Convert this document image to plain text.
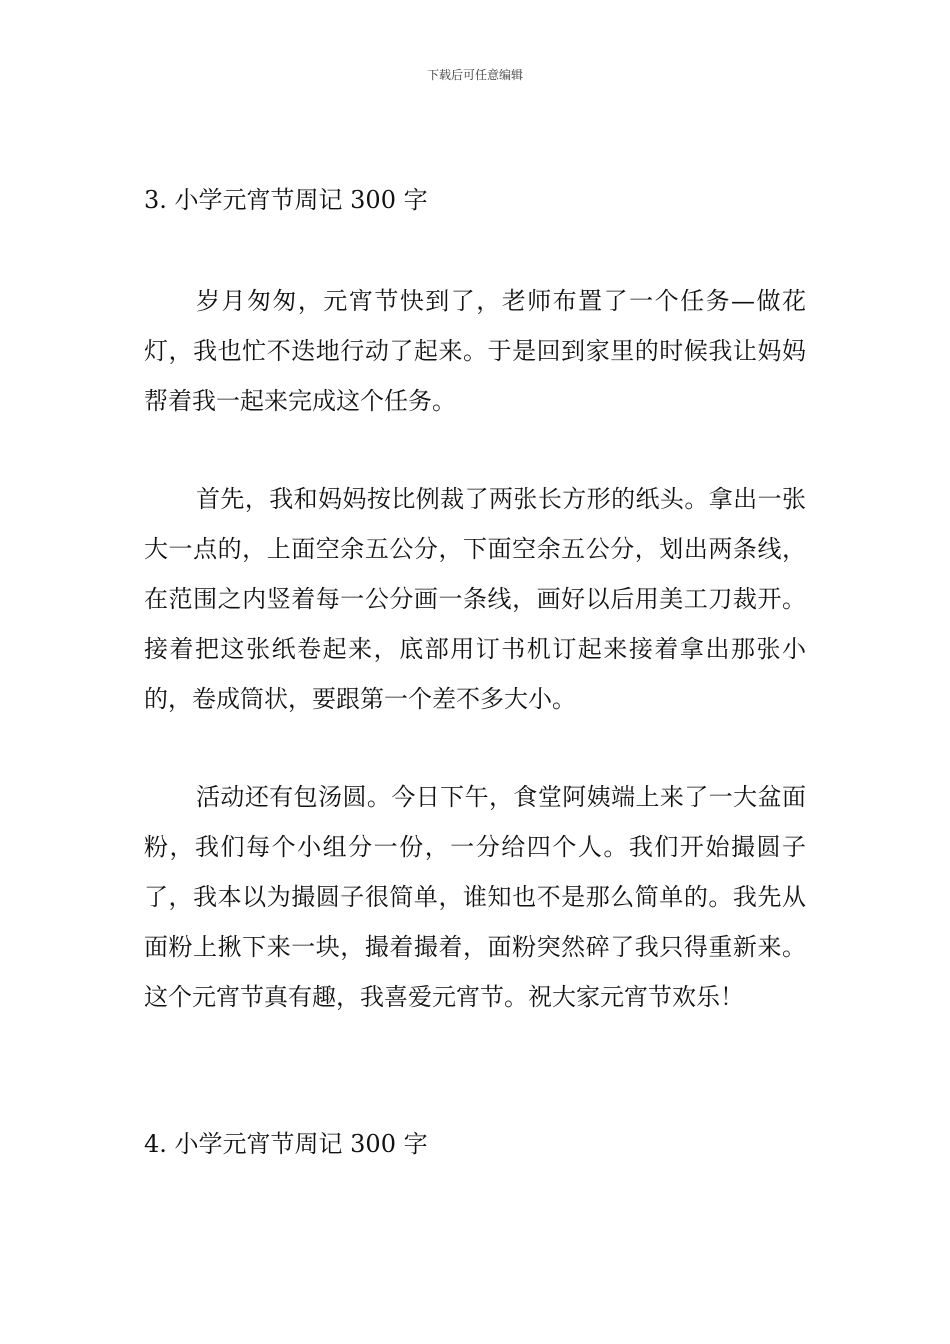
下载后可任意编辑
3. 小学元宵节周记 300 字

岁月匆匆，元宵节快到了，老师布置了一个任务—做花灯，我也忙不迭地行动了起来。于是回到家里的时候我让妈妈帮着我一起来完成这个任务。

首先，我和妈妈按比例裁了两张长方形的纸头。拿出一张大一点的，上面空余五公分，下面空余五公分，划出两条线，在范围之内竖着每一公分画一条线，画好以后用美工刀裁开。接着把这张纸卷起来，底部用订书机订起来接着拿出那张小的，卷成筒状，要跟第一个差不多大小。

活动还有包汤圆。今日下午，食堂阿姨端上来了一大盆面粉，我们每个小组分一份，一分给四个人。我们开始撮圆子了，我本以为撮圆子很简单，谁知也不是那么简单的。我先从面粉上揪下来一块，撮着撮着，面粉突然碎了我只得重新来。这个元宵节真有趣，我喜爱元宵节。祝大家元宵节欢乐！

4. 小学元宵节周记 300 字
